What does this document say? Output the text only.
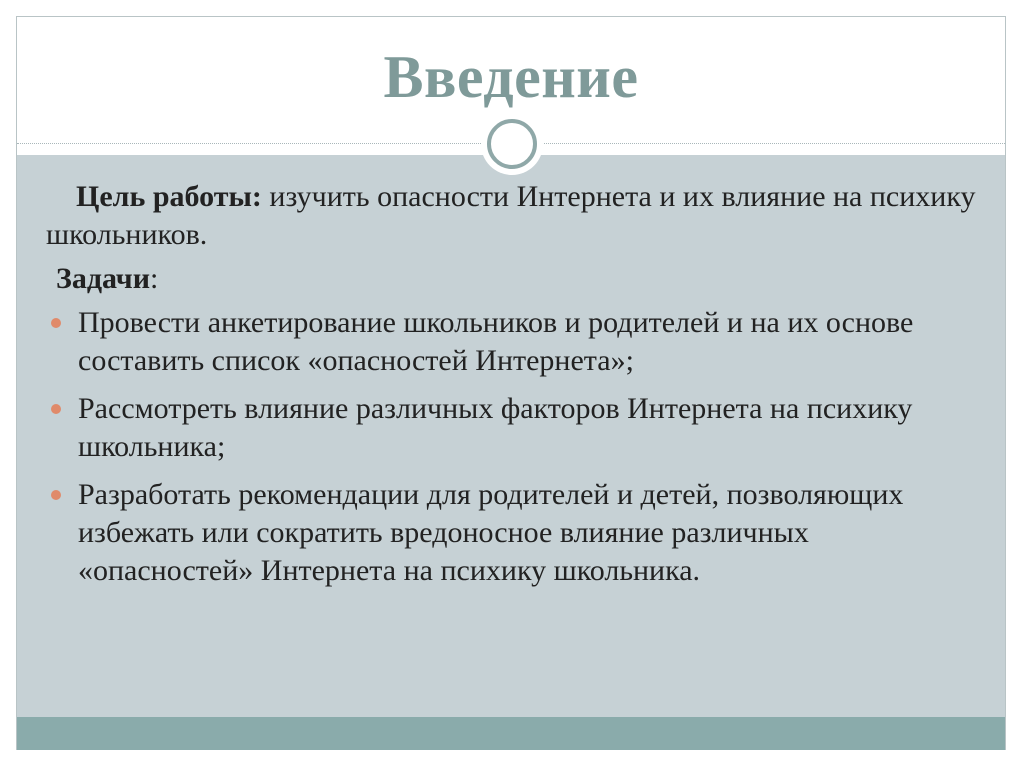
Введение

Цель работы: изучить опасности Интернета и их влияние на психику школьников.

Задачи:
Провести анкетирование школьников и родителей и на их основе составить список «опасностей Интернета»;
Рассмотреть влияние различных факторов Интернета на психику школьника;
Разработать рекомендации для родителей и детей, позволяющих избежать или сократить вредоносное влияние различных «опасностей» Интернета на психику школьника.
